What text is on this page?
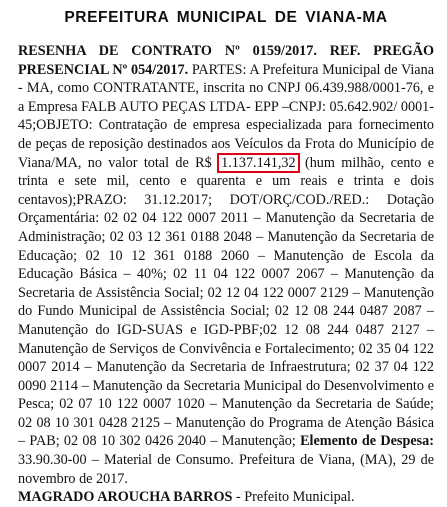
PREFEITURA MUNICIPAL DE VIANA-MA

RESENHA DE CONTRATO Nº 0159/2017. REF. PREGÃO PRESENCIAL Nº 054/2017. PARTES: A Prefeitura Municipal de Viana - MA, como CONTRATANTE, inscrita no CNPJ 06.439.988/0001-76, e a Empresa FALB AUTO PEÇAS LTDA- EPP –CNPJ: 05.642.902/ 0001-45;OBJETO: Contratação de empresa especializada para fornecimento de peças de reposição destinados aos Veículos da Frota do Município de Viana/MA, no valor total de R$ 1.137.141,32 (hum milhão, cento e trinta e sete mil, cento e quarenta e um reais e trinta e dois centavos);PRAZO: 31.12.2017; DOT/ORÇ/COD./RED.: Dotação Orçamentária: 02 02 04 122 0007 2011 – Manutenção da Secretaria de Administração; 02 03 12 361 0188 2048 – Manutenção da Secretaria de Educação; 02 10 12 361 0188 2060 – Manutenção de Escola da Educação Básica – 40%; 02 11 04 122 0007 2067 – Manutenção da Secretaria de Assistência Social; 02 12 04 122 0007 2129 – Manutenção do Fundo Municipal de Assistência Social; 02 12 08 244 0487 2087 – Manutenção do IGD-SUAS e IGD-PBF;02 12 08 244 0487 2127 – Manutenção de Serviços de Convivência e Fortalecimento; 02 35 04 122 0007 2014 – Manutenção da Secretaria de Infraestrutura; 02 37 04 122 0090 2114 – Manutenção da Secretaria Municipal do Desenvolvimento e Pesca; 02 07 10 122 0007 1020 – Manutenção da Secretaria de Saúde; 02 08 10 301 0428 2125 – Manutenção do Programa de Atenção Básica – PAB; 02 08 10 302 0426 2040 – Manutenção; Elemento de Despesa: 33.90.30-00 – Material de Consumo. Prefeitura de Viana, (MA), 29 de novembro de 2017.
MAGRADO AROUCHA BARROS - Prefeito Municipal.
